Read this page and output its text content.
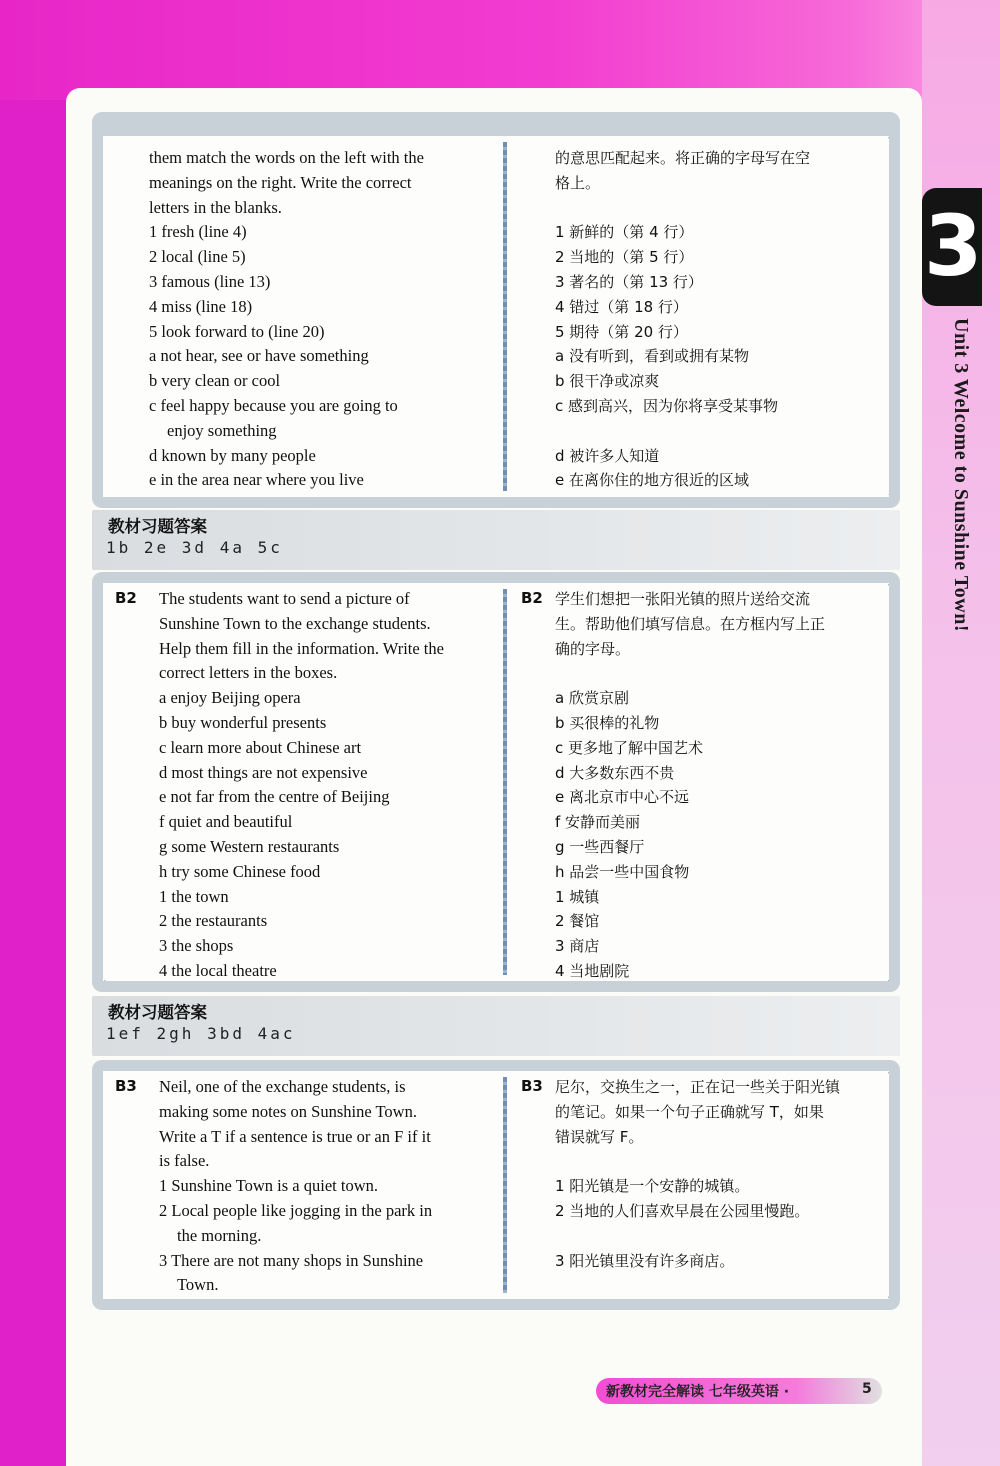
3
Unit 3 Welcome to Sunshine Town!

them match the words on the left with the

meanings on the right. Write the correct

letters in the blanks.

1 fresh (line 4)

2 local (line 5)

3 famous (line 13)

4 miss (line 18)

5 look forward to (line 20)

a not hear, see or have something

b very clean or cool

c feel happy because you are going to

enjoy something

d known by many people

e in the area near where you live

的意思匹配起来。将正确的字母写在空

格上。

1 新鲜的（第 4 行）

2 当地的（第 5 行）

3 著名的（第 13 行）

4 错过（第 18 行）

5 期待（第 20 行）

a 没有听到，看到或拥有某物

b 很干净或凉爽

c 感到高兴，因为你将享受某事物

d 被许多人知道

e 在离你住的地方很近的区域

教材习题答案
1b 2e 3d 4a 5c
B2	B2

The students want to send a picture of

Sunshine Town to the exchange students.

Help them fill in the information. Write the

correct letters in the boxes.

a enjoy Beijing opera

b buy wonderful presents

c learn more about Chinese art

d most things are not expensive

e not far from the centre of Beijing

f quiet and beautiful

g some Western restaurants

h try some Chinese food

1 the town

2 the restaurants

3 the shops

4 the local theatre

学生们想把一张阳光镇的照片送给交流

生。帮助他们填写信息。在方框内写上正

确的字母。

a 欣赏京剧

b 买很棒的礼物

c 更多地了解中国艺术

d 大多数东西不贵

e 离北京市中心不远

f 安静而美丽

g 一些西餐厅

h 品尝一些中国食物

1 城镇

2 餐馆

3 商店

4 当地剧院

教材习题答案
1ef 2gh 3bd 4ac
B3	B3

Neil, one of the exchange students, is

making some notes on Sunshine Town.

Write a T if a sentence is true or an F if it

is false.

1 Sunshine Town is a quiet town.

2 Local people like jogging in the park in

the morning.

3 There are not many shops in Sunshine

Town.

尼尔，交换生之一，正在记一些关于阳光镇

的笔记。如果一个句子正确就写 T，如果

错误就写 F。

1 阳光镇是一个安静的城镇。

2 当地的人们喜欢早晨在公园里慢跑。

3 阳光镇里没有许多商店。

新教材完全解读 七年级英语 ·	5
